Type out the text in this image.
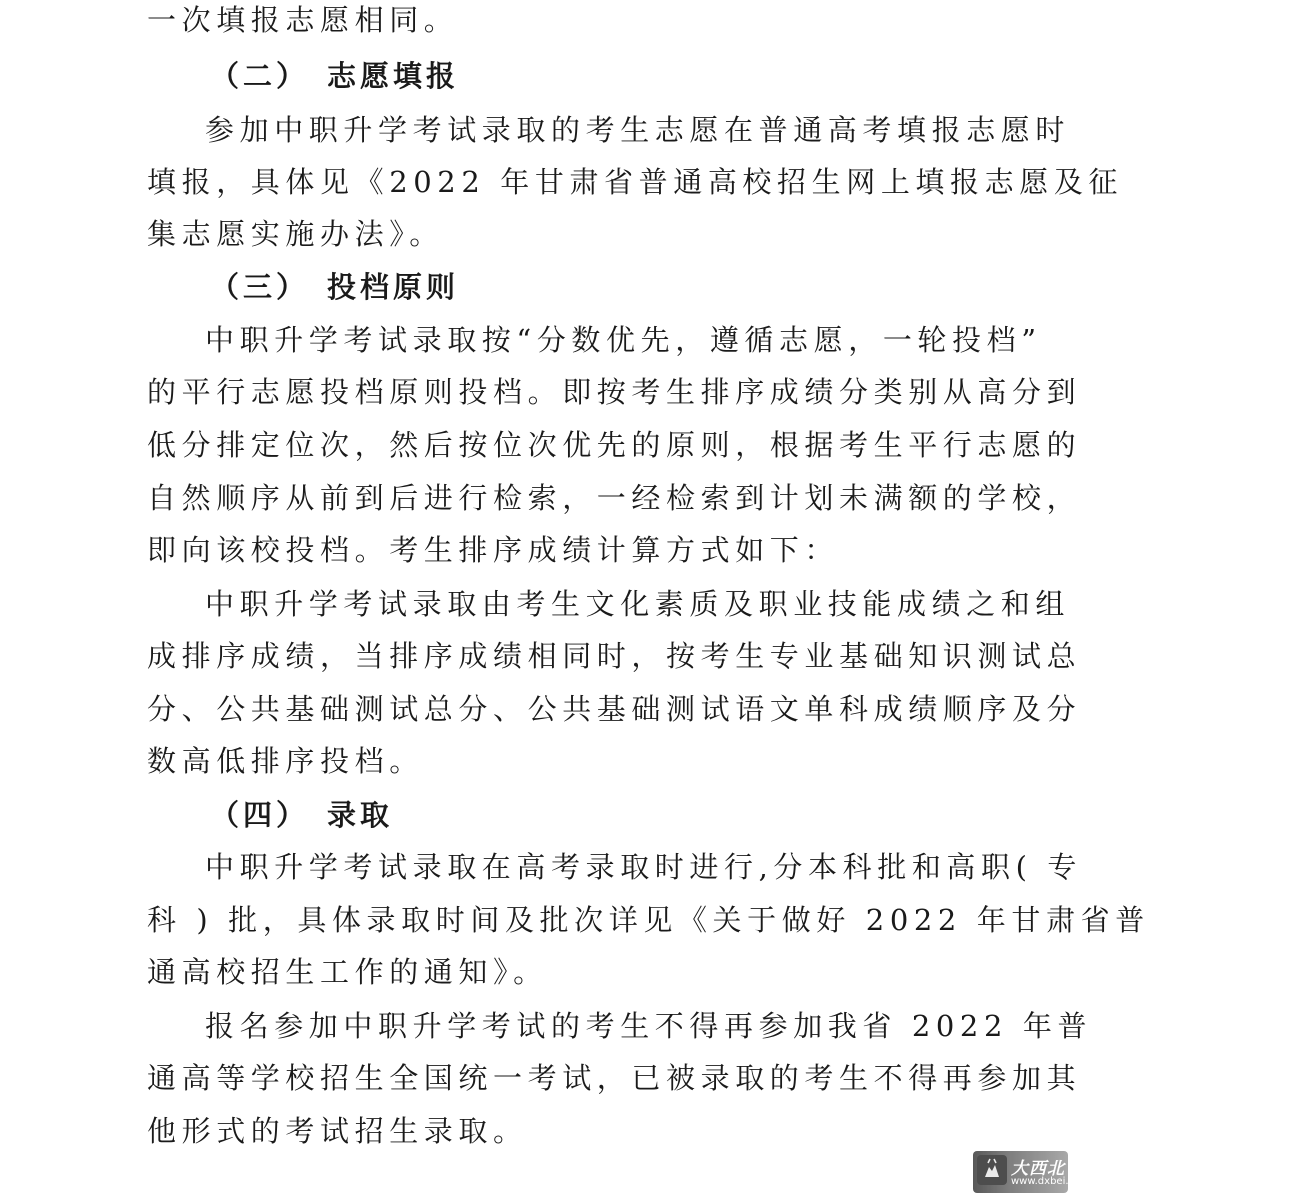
一次填报志愿相同。
（二） 志愿填报
参加中职升学考试录取的考生志愿在普通高考填报志愿时
填报，具体见《2022 年甘肃省普通高校招生网上填报志愿及征
集志愿实施办法》。
（三） 投档原则
中职升学考试录取按“分数优先，遵循志愿，一轮投档”
的平行志愿投档原则投档。即按考生排序成绩分类别从高分到
低分排定位次，然后按位次优先的原则，根据考生平行志愿的
自然顺序从前到后进行检索，一经检索到计划未满额的学校，
即向该校投档。考生排序成绩计算方式如下：
中职升学考试录取由考生文化素质及职业技能成绩之和组
成排序成绩，当排序成绩相同时，按考生专业基础知识测试总
分、公共基础测试总分、公共基础测试语文单科成绩顺序及分
数高低排序投档。
（四） 录取
中职升学考试录取在高考录取时进行,分本科批和高职( 专
科 ) 批，具体录取时间及批次详见《关于做好 2022 年甘肃省普
通高校招生工作的通知》。
报名参加中职升学考试的考生不得再参加我省 2022 年普
通高等学校招生全国统一考试，已被录取的考生不得再参加其
他形式的考试招生录取。
大西北
www.dxbei.com
